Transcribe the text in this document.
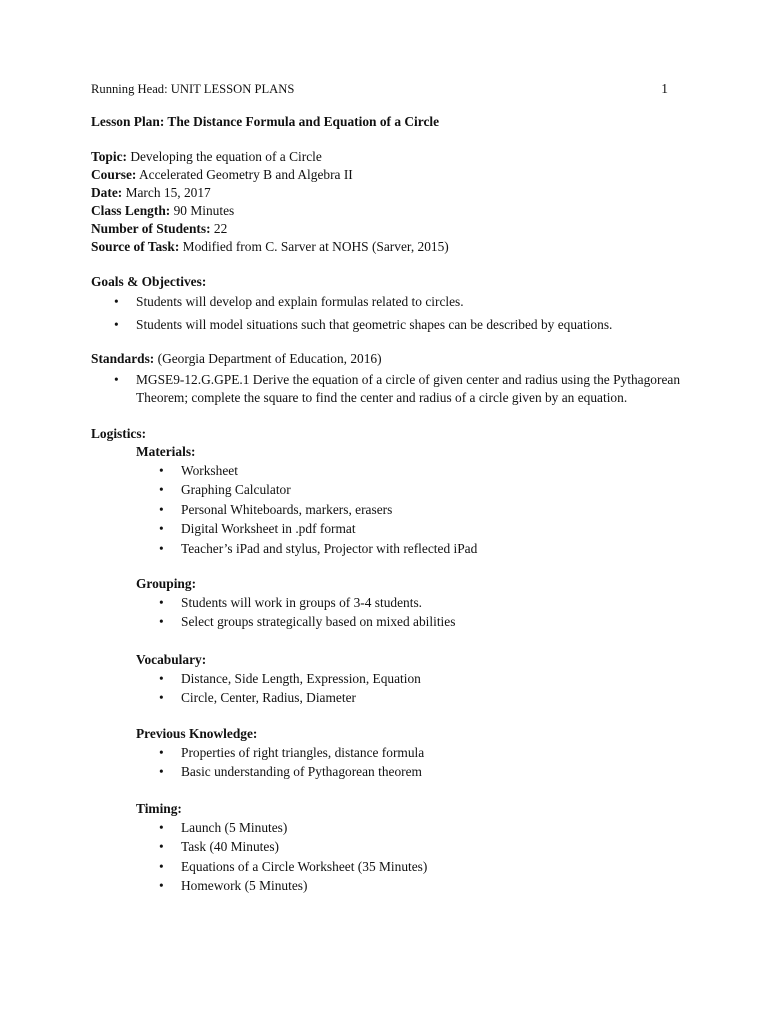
Running Head: UNIT LESSON PLANS	1
Lesson Plan: The Distance Formula and Equation of a Circle
Topic: Developing the equation of a Circle
Course: Accelerated Geometry B and Algebra II
Date: March 15, 2017
Class Length: 90 Minutes
Number of Students: 22
Source of Task: Modified from C. Sarver at NOHS (Sarver, 2015)
Goals & Objectives:
• Students will develop and explain formulas related to circles.
• Students will model situations such that geometric shapes can be described by equations.
Standards: (Georgia Department of Education, 2016)
• MGSE9-12.G.GPE.1 Derive the equation of a circle of given center and radius using the Pythagorean Theorem; complete the square to find the center and radius of a circle given by an equation.
Logistics:
Materials:
• Worksheet
• Graphing Calculator
• Personal Whiteboards, markers, erasers
• Digital Worksheet in .pdf format
• Teacher’s iPad and stylus, Projector with reflected iPad
Grouping:
• Students will work in groups of 3-4 students.
• Select groups strategically based on mixed abilities
Vocabulary:
• Distance, Side Length, Expression, Equation
• Circle, Center, Radius, Diameter
Previous Knowledge:
• Properties of right triangles, distance formula
• Basic understanding of Pythagorean theorem
Timing:
• Launch (5 Minutes)
• Task (40 Minutes)
• Equations of a Circle Worksheet (35 Minutes)
• Homework (5 Minutes)
